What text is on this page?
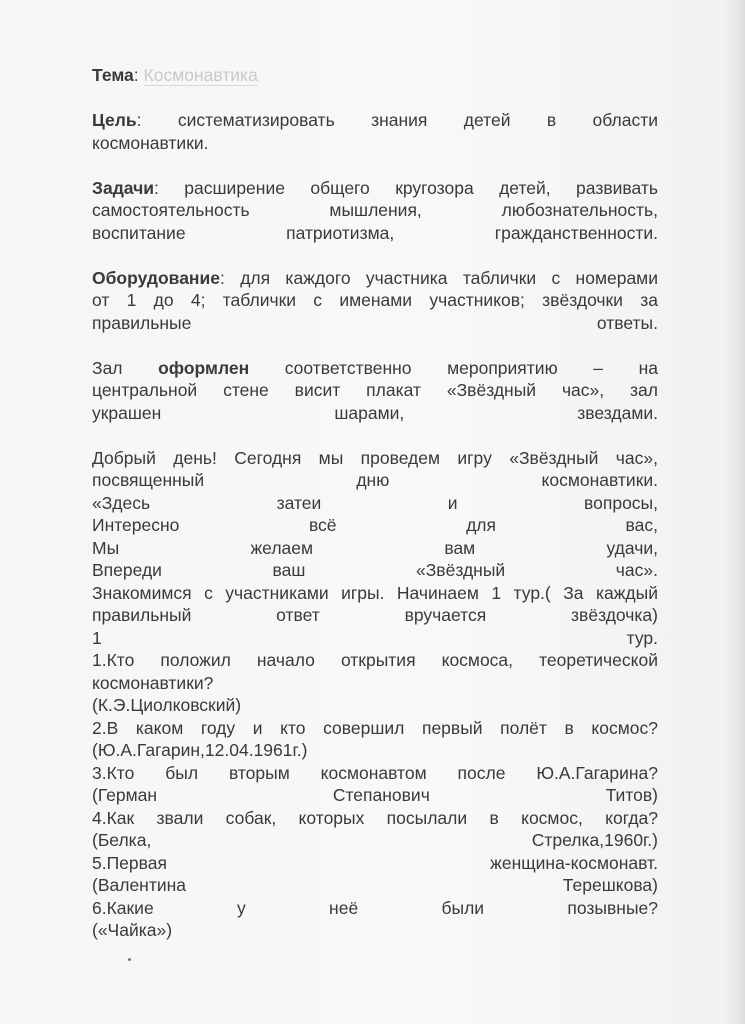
Тема: Космонавтика
Цель: систематизировать знания детей в области
космонавтики.
Задачи: расширение общего кругозора детей, развивать
самостоятельность мышления, любознательность,
воспитание патриотизма, гражданственности.
Оборудование: для каждого участника таблички с номерами
от 1 до 4; таблички с именами участников; звёздочки за
правильные ответы.
Зал оформлен соответственно мероприятию – на
центральной стене висит плакат «Звёздный час», зал
украшен шарами, звездами.
Добрый день! Сегодня мы проведем игру «Звёздный час»,
посвященный дню космонавтики.
«Здесь затеи и вопросы,
Интересно всё для вас,
Мы желаем вам удачи,
Впереди ваш «Звёздный час».
Знакомимся с участниками игры. Начинаем 1 тур.( За каждый
правильный ответ вручается звёздочка)
1 тур.
1.Кто положил начало открытия космоса, теоретической
космонавтики?
(К.Э.Циолковский)
2.В каком году и кто совершил первый полёт в космос?
(Ю.А.Гагарин,12.04.1961г.)
3.Кто был вторым космонавтом после Ю.А.Гагарина?
(Герман Степанович Титов)
4.Как звали собак, которых посылали в космос, когда?
(Белка, Стрелка,1960г.)
5.Первая женщина-космонавт.
(Валентина Терешкова)
6.Какие у неё были позывные?
(«Чайка»)
